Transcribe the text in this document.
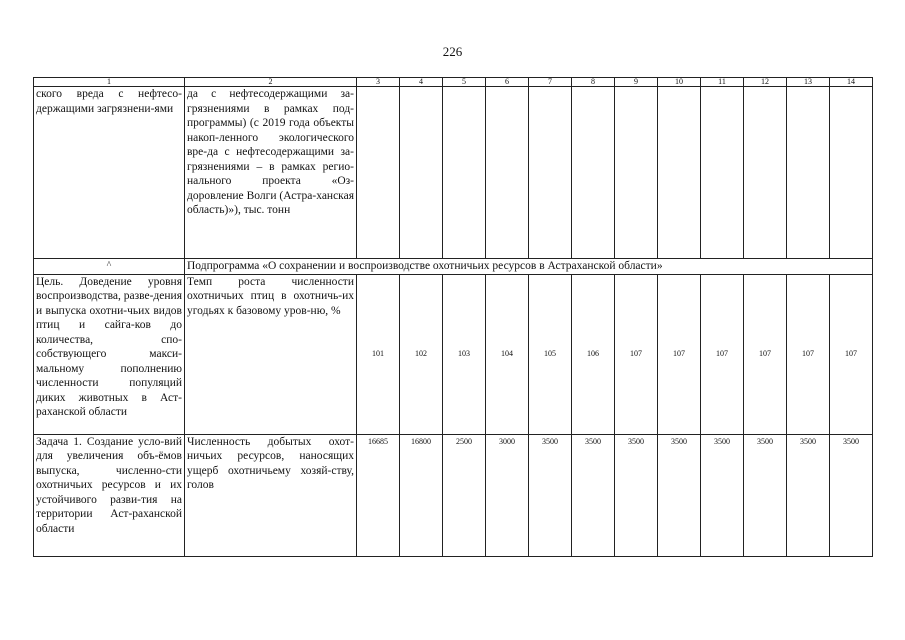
226
1	2	3	4	5	6	7	8	9	10	11	12	13	14
ского вреда с нефтесо-держащими загрязнени-ями	да с нефтесодержащими за-грязнениями в рамках под-программы) (с 2019 года объекты накоп-ленного экологического вре-да с нефтесодержащими за-грязнениями – в рамках регио-нального проекта «Оз-доровление Волги (Астра-ханская область)»), тыс. тонн												
^	Подпрограмма «О сохранении и воспроизводстве охотничьих ресурсов в Астраханской области»												
Цель. Доведение уровня воспроизводства, разве-дения и выпуска охотни-чьих видов птиц и сайга-ков до количества, спо-собствующего макси-мальному пополнению численности популяций диких животных в Аст-раханской области	Темп роста численности охотничьих птиц в охотничь-их угодьях к базовому уров-ню, %	101	102	103	104	105	106	107	107	107	107	107	107
Задача 1. Создание усло-вий для увеличения объ-ёмов выпуска, численно-сти охотничьих ресурсов и их устойчивого разви-тия на территории Аст-раханской области	Численность добытых охот-ничьих ресурсов, наносящих ущерб охотничьему хозяй-ству, голов	16685	16800	2500	3000	3500	3500	3500	3500	3500	3500	3500	3500
